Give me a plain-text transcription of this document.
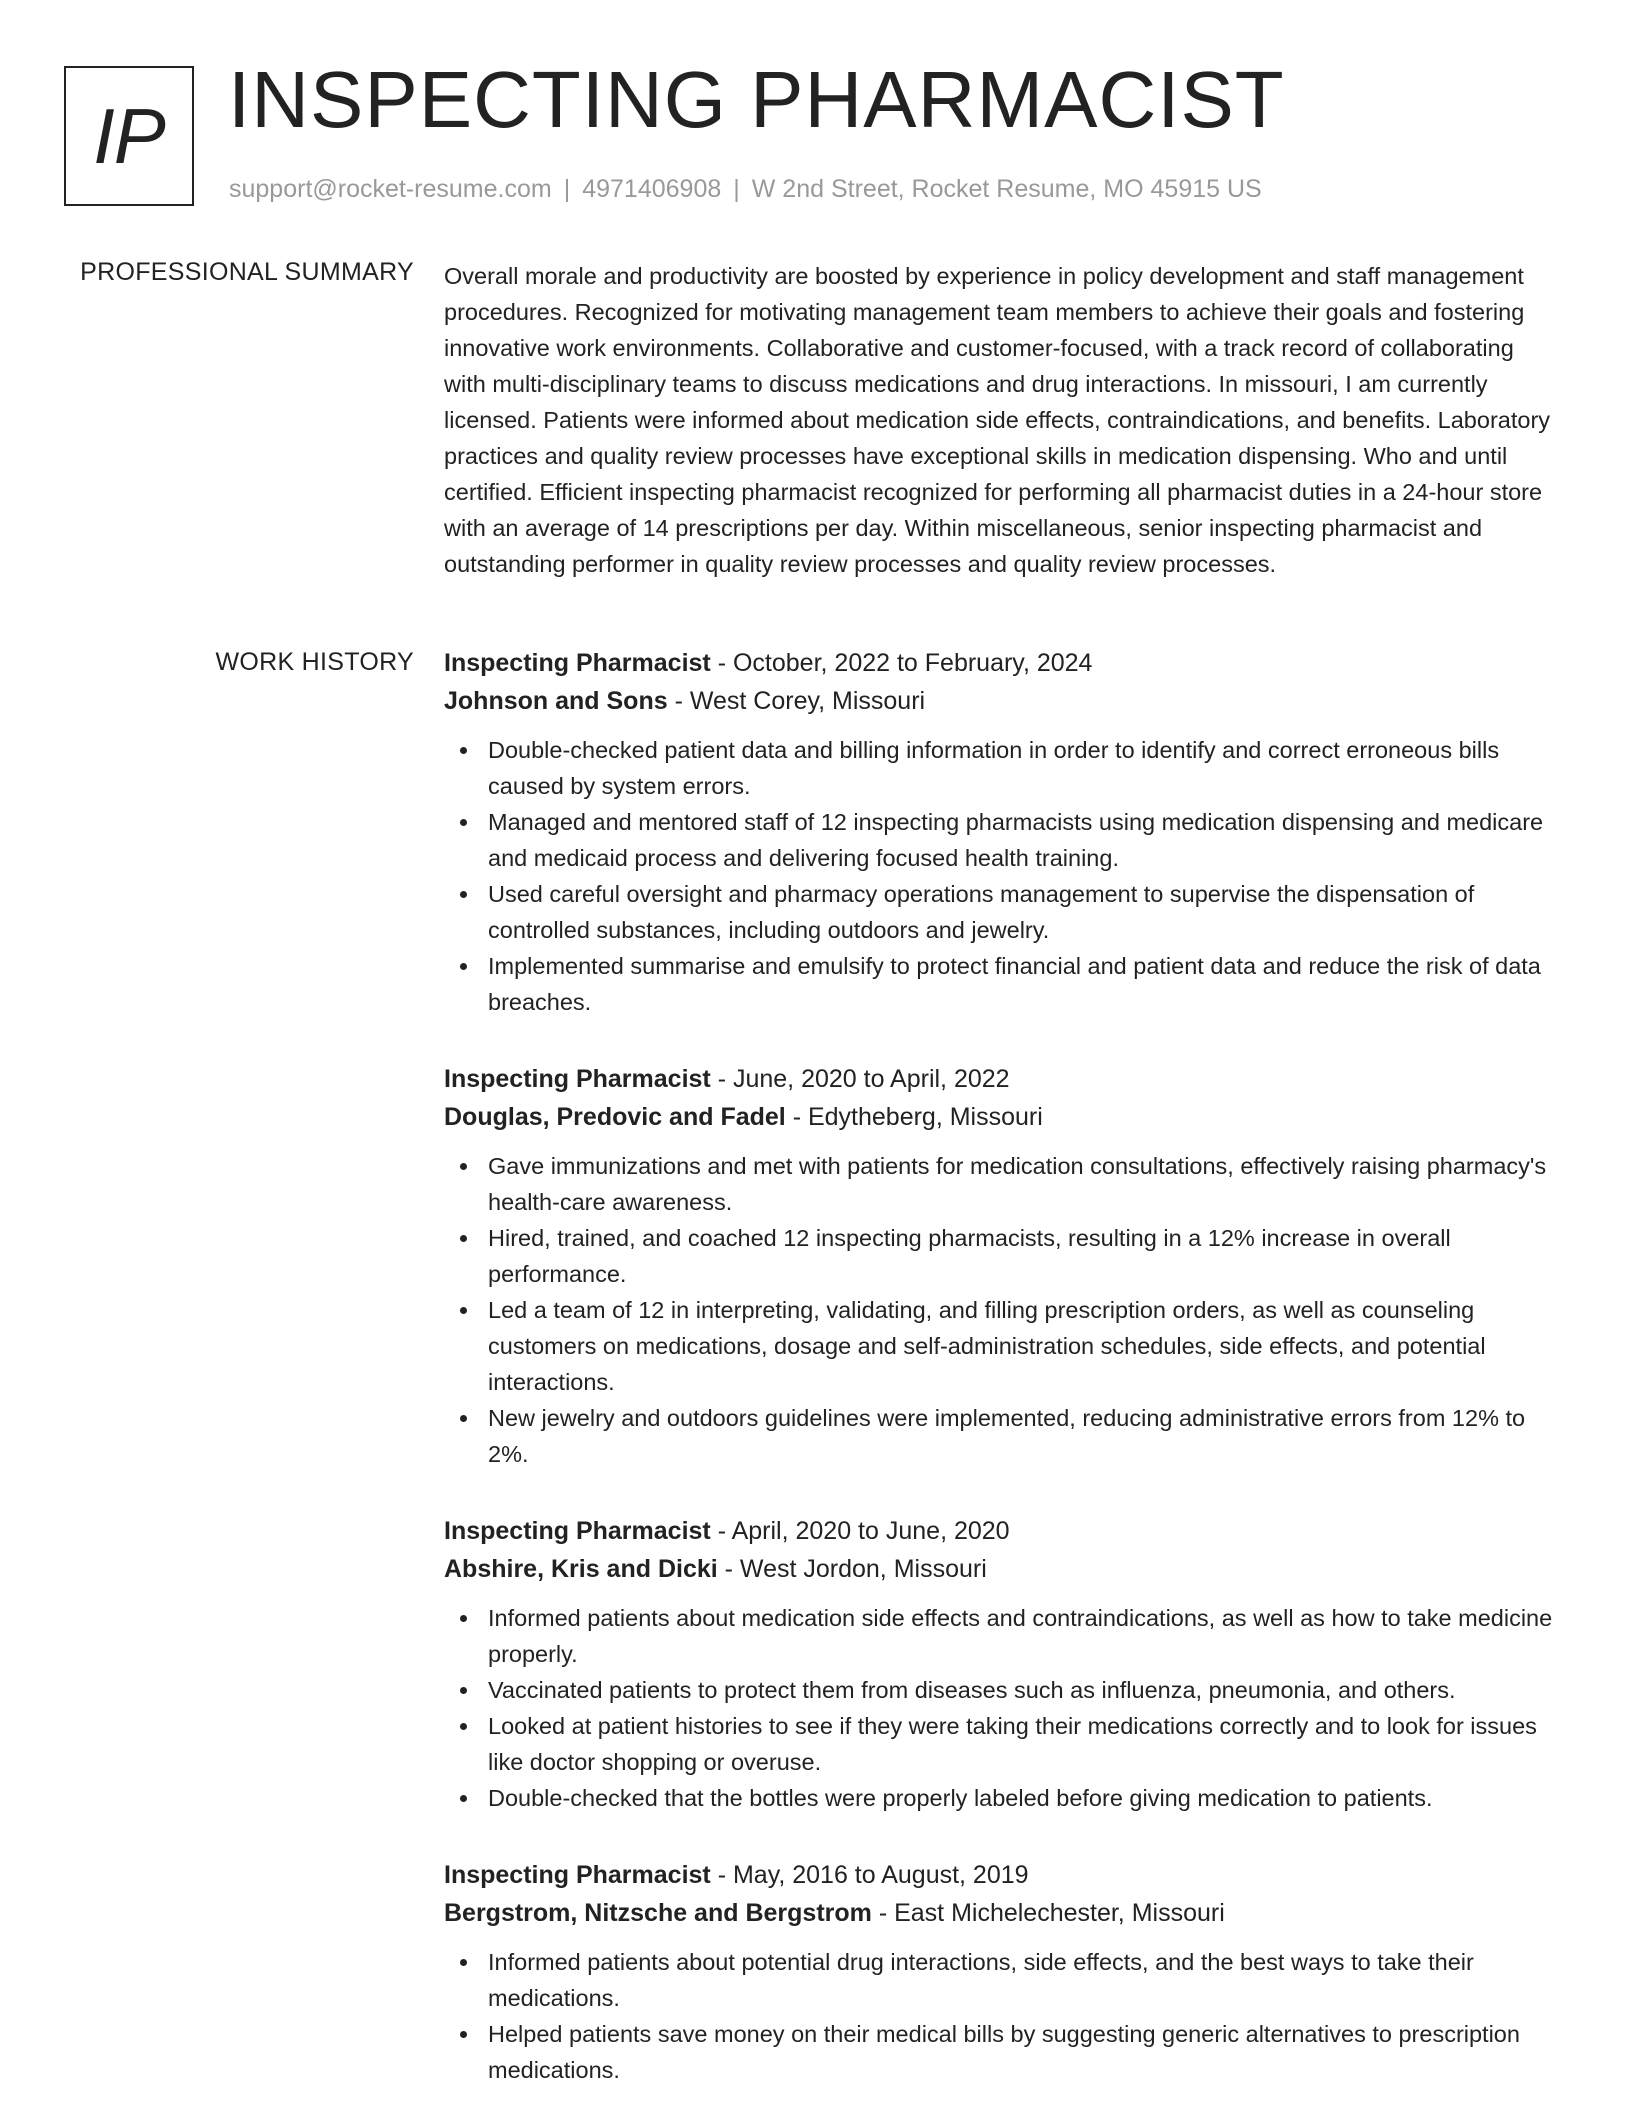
IP INSPECTING PHARMACIST
support@rocket-resume.com | 4971406908 | W 2nd Street, Rocket Resume, MO 45915 US
PROFESSIONAL SUMMARY Overall morale and productivity are boosted by experience in policy development and staff management procedures. Recognized for motivating management team members to achieve their goals and fostering innovative work environments. Collaborative and customer-focused, with a track record of collaborating with multi-disciplinary teams to discuss medications and drug interactions. In missouri, I am currently licensed. Patients were informed about medication side effects, contraindications, and benefits. Laboratory practices and quality review processes have exceptional skills in medication dispensing. Who and until certified. Efficient inspecting pharmacist recognized for performing all pharmacist duties in a 24-hour store with an average of 14 prescriptions per day. Within miscellaneous, senior inspecting pharmacist and outstanding performer in quality review processes and quality review processes.

WORK HISTORY Inspecting Pharmacist - October, 2022 to February, 2024
Johnson and Sons - West Corey, Missouri
Double-checked patient data and billing information in order to identify and correct erroneous bills caused by system errors.
Managed and mentored staff of 12 inspecting pharmacists using medication dispensing and medicare and medicaid process and delivering focused health training.
Used careful oversight and pharmacy operations management to supervise the dispensation of controlled substances, including outdoors and jewelry.
Implemented summarise and emulsify to protect financial and patient data and reduce the risk of data breaches.
Inspecting Pharmacist - June, 2020 to April, 2022
Douglas, Predovic and Fadel - Edytheberg, Missouri
Gave immunizations and met with patients for medication consultations, effectively raising pharmacy's health-care awareness.
Hired, trained, and coached 12 inspecting pharmacists, resulting in a 12% increase in overall performance.
Led a team of 12 in interpreting, validating, and filling prescription orders, as well as counseling customers on medications, dosage and self-administration schedules, side effects, and potential interactions.
New jewelry and outdoors guidelines were implemented, reducing administrative errors from 12% to 2%.
Inspecting Pharmacist - April, 2020 to June, 2020
Abshire, Kris and Dicki - West Jordon, Missouri
Informed patients about medication side effects and contraindications, as well as how to take medicine properly.
Vaccinated patients to protect them from diseases such as influenza, pneumonia, and others.
Looked at patient histories to see if they were taking their medications correctly and to look for issues like doctor shopping or overuse.
Double-checked that the bottles were properly labeled before giving medication to patients.
Inspecting Pharmacist - May, 2016 to August, 2019
Bergstrom, Nitzsche and Bergstrom - East Michelechester, Missouri
Informed patients about potential drug interactions, side effects, and the best ways to take their medications.
Helped patients save money on their medical bills by suggesting generic alternatives to prescription medications.
